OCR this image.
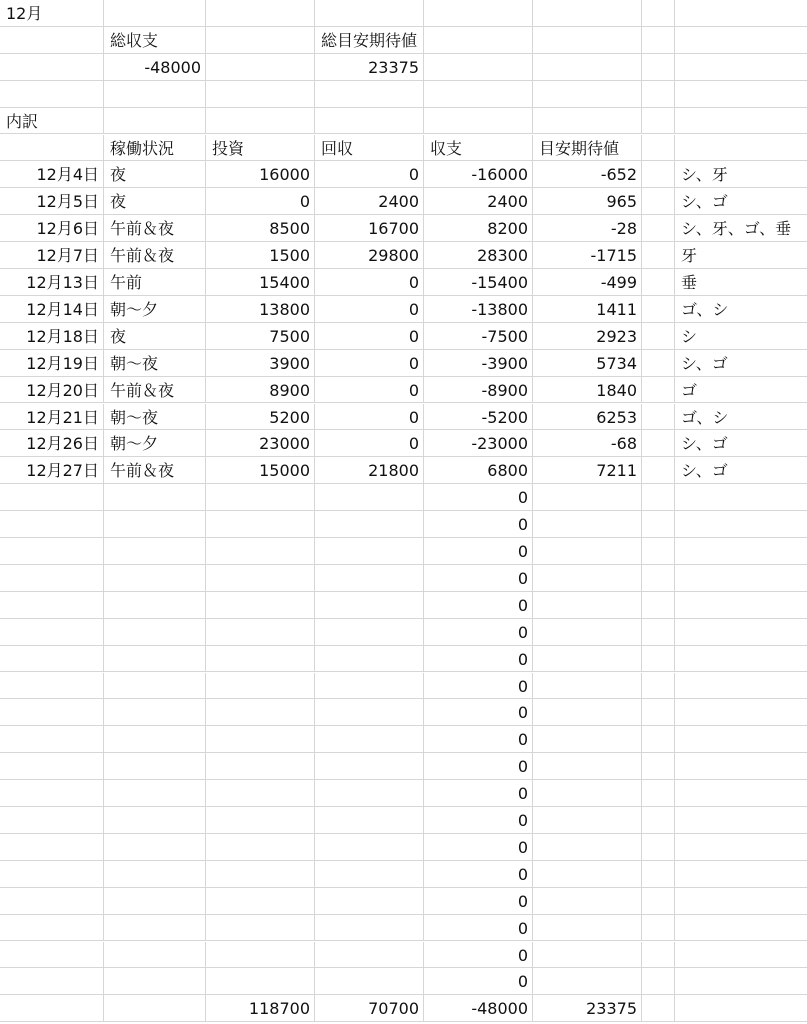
12月
総収支	総目安期待値
-48000	23375
内訳
稼働状況	投資	回収	収支	目安期待値
12月4日 夜	16000	0	-16000	-652	シ、牙
12月5日 夜	0	2400	2400	965	シ、ゴ
12月6日 午前＆夜	8500	16700	8200	-28	シ、牙、ゴ、垂
12月7日 午前＆夜	1500	29800	28300	-1715	牙
12月13日 午前	15400	0	-15400	-499	垂
12月14日 朝〜夕	13800	0	-13800	1411	ゴ、シ
12月18日 夜	7500	0	-7500	2923	シ
12月19日 朝〜夜	3900	0	-3900	5734	シ、ゴ
12月20日 午前＆夜	8900	0	-8900	1840	ゴ
12月21日 朝〜夜	5200	0	-5200	6253	ゴ、シ
12月26日 朝〜夕	23000	0	-23000	-68	シ、ゴ
12月27日 午前＆夜	15000	21800	6800	7211	シ、ゴ
0
0
0
0
0
0
0
0
0
0
0
0
0
0
0
0
0
0
0
118700	70700	-48000	23375
